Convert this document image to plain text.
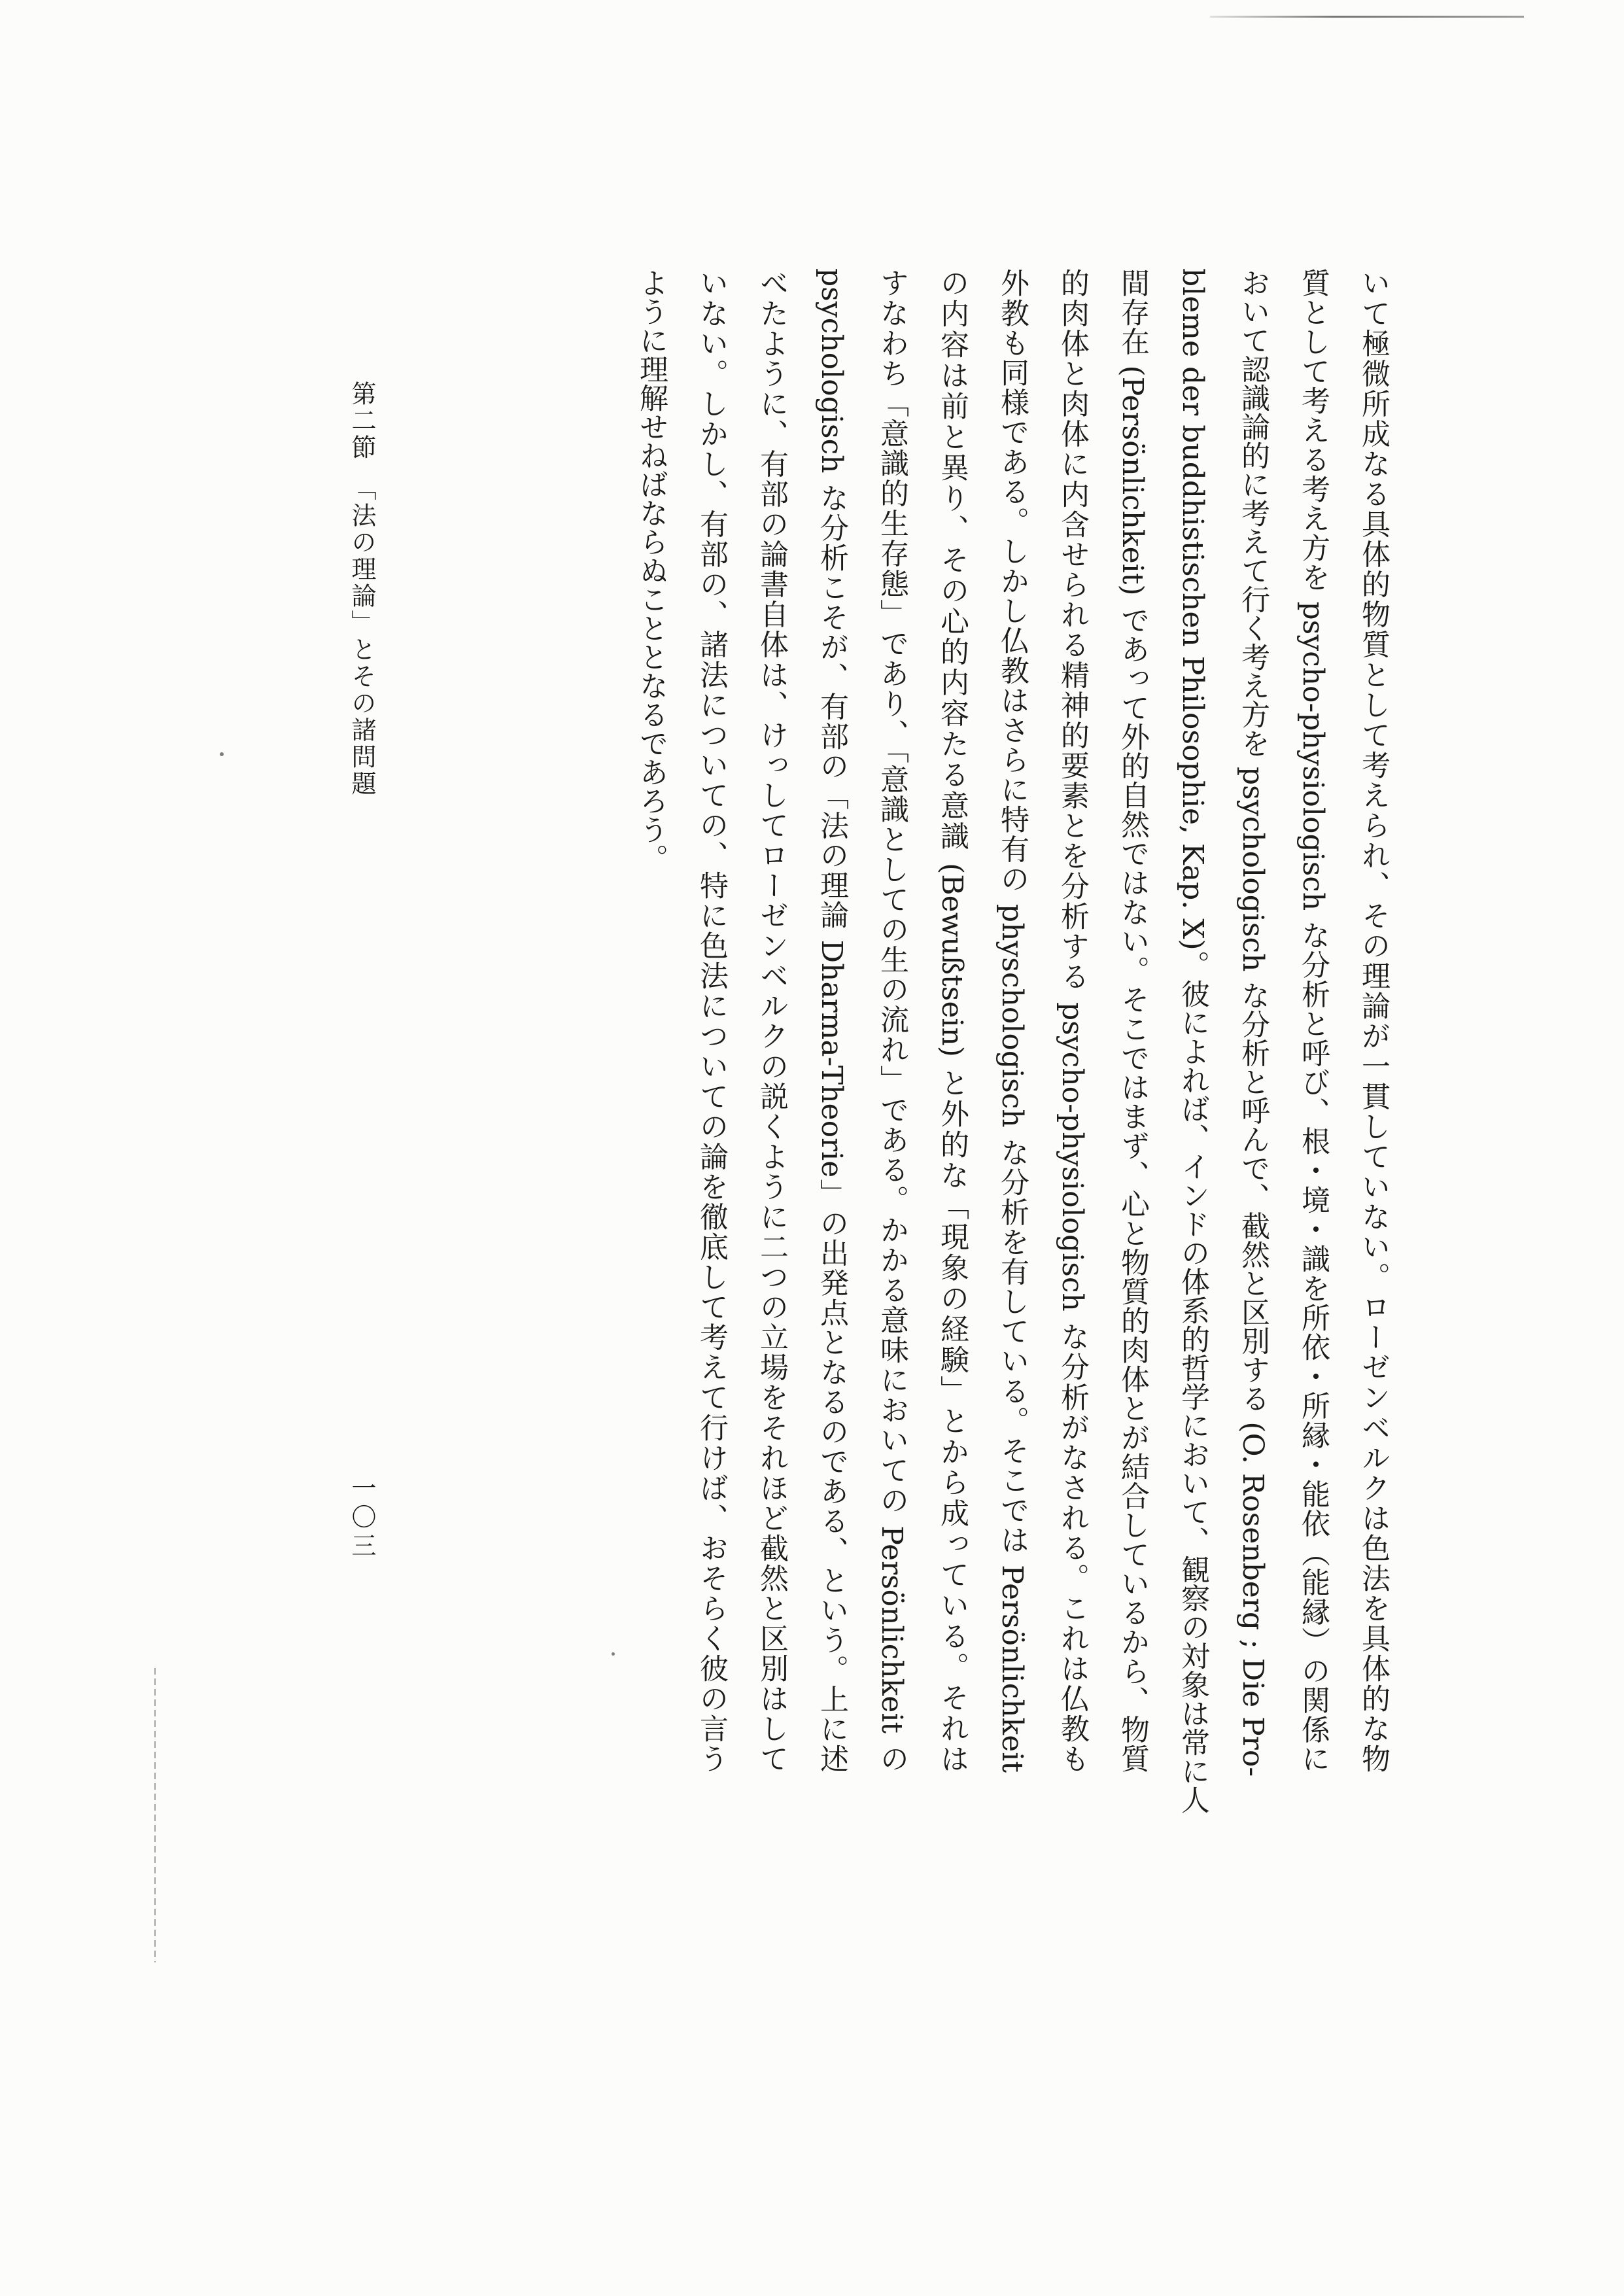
いて極微所成なる具体的物質として考えられ、その理論が一貫していない。ローゼンベルクは色法を具体的な物
質として考える考え方を psycho-physiologisch な分析と呼び、根・境・識を所依・所縁・能依（能縁）の関係に
おいて認識論的に考えて行く考え方を psychologisch な分析と呼んで、截然と区別する (O. Rosenberg ; Die Pro-
bleme der buddhistischen Philosophie, Kap. X)。彼によれば、インドの体系的哲学において、観察の対象は常に人
間存在 (Persönlichkeit) であって外的自然ではない。そこではまず、心と物質的肉体とが結合しているから、物質
的肉体と肉体に内含せられる精神的要素とを分析する psycho-physiologisch な分析がなされる。これは仏教も
外教も同様である。しかし仏教はさらに特有の physchologisch な分析を有している。そこでは Persönlichkeit
の内容は前と異り、その心的内容たる意識 (Bewußtsein) と外的な「現象の経験」とから成っている。それは
すなわち「意識的生存態」であり、「意識としての生の流れ」である。かかる意味においての Persönlichkeit の
psychologisch な分析こそが、有部の「法の理論 Dharma-Theorie」の出発点となるのである、という。上に述
べたように、有部の論書自体は、けっしてローゼンベルクの説くように二つの立場をそれほど截然と区別はして
いない。しかし、有部の、諸法についての、特に色法についての論を徹底して考えて行けば、おそらく彼の言う
ように理解せねばならぬこととなるであろう。
第二節　「法の理論」とその諸問題
一〇三
